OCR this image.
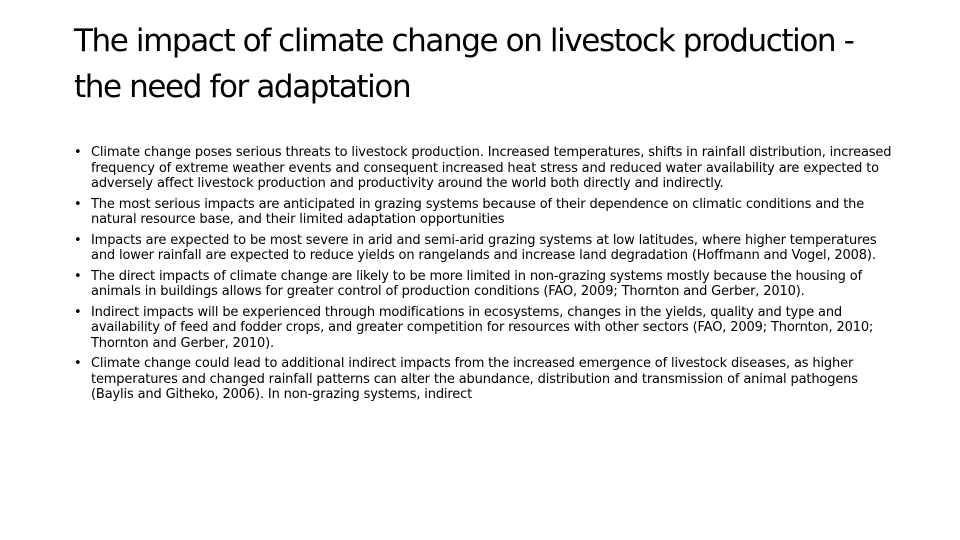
The impact of climate change on livestock production - the need for adaptation
• Climate change poses serious threats to livestock production. Increased temperatures, shifts in rainfall distribution, increased frequency of extreme weather events and consequent increased heat stress and reduced water availability are expected to adversely affect livestock production and productivity around the world both directly and indirectly.
• The most serious impacts are anticipated in grazing systems because of their dependence on climatic conditions and the natural resource base, and their limited adaptation opportunities
• Impacts are expected to be most severe in arid and semi-arid grazing systems at low latitudes, where higher temperatures and lower rainfall are expected to reduce yields on rangelands and increase land degradation (Hoffmann and Vogel, 2008).
• The direct impacts of climate change are likely to be more limited in non-grazing systems mostly because the housing of animals in buildings allows for greater control of production conditions (FAO, 2009; Thornton and Gerber, 2010).
• Indirect impacts will be experienced through modifications in ecosystems, changes in the yields, quality and type and availability of feed and fodder crops, and greater competition for resources with other sectors (FAO, 2009; Thornton, 2010; Thornton and Gerber, 2010).
• Climate change could lead to additional indirect impacts from the increased emergence of livestock diseases, as higher temperatures and changed rainfall patterns can alter the abundance, distribution and transmission of animal pathogens (Baylis and Githeko, 2006). In non-grazing systems, indirect
